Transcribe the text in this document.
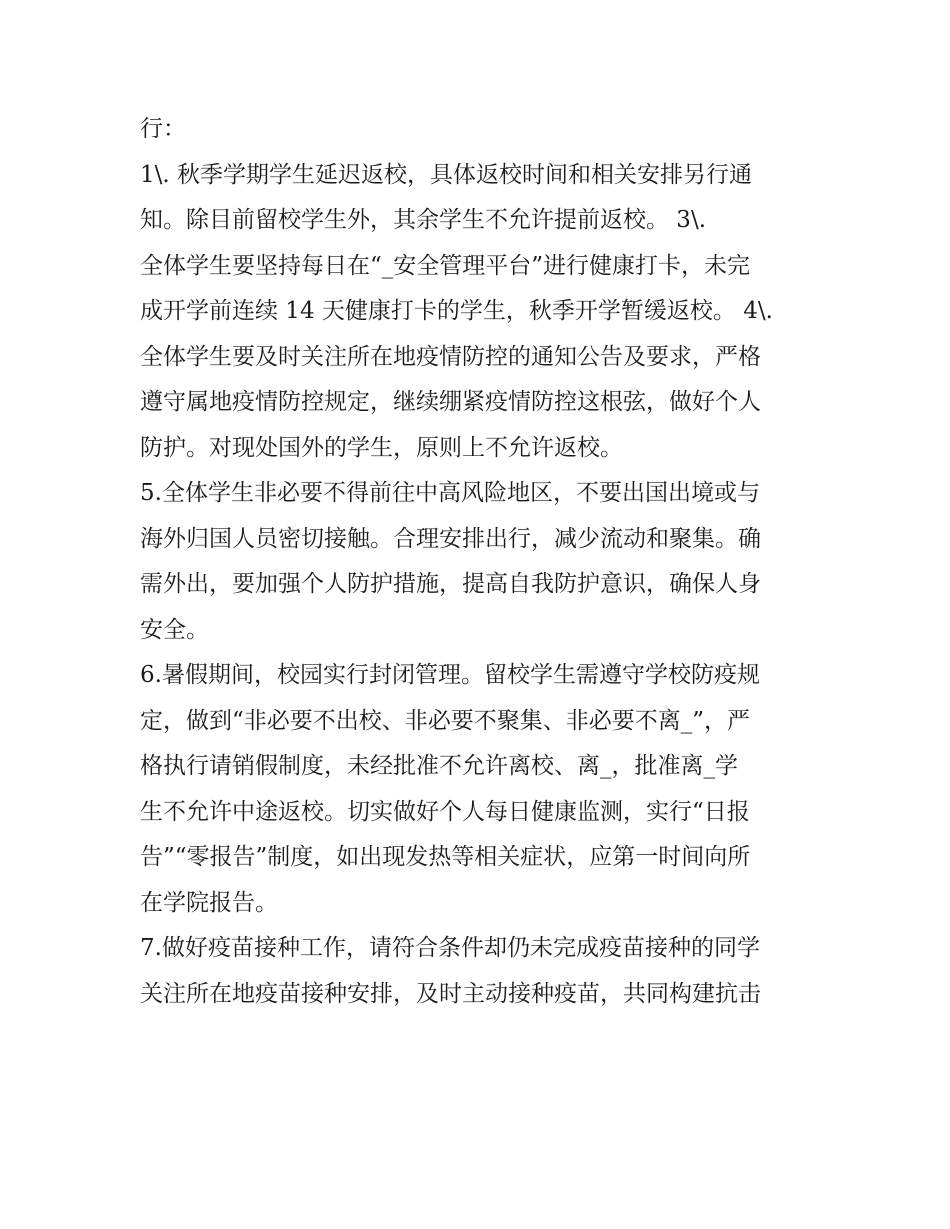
行：
1\. 秋季学期学生延迟返校，具体返校时间和相关安排另行通
知。除目前留校学生外，其余学生不允许提前返校。 3\.
全体学生要坚持每日在“_安全管理平台”进行健康打卡，未完
成开学前连续 14 天健康打卡的学生，秋季开学暂缓返校。 4\.
全体学生要及时关注所在地疫情防控的通知公告及要求，严格
遵守属地疫情防控规定，继续绷紧疫情防控这根弦，做好个人
防护。对现处国外的学生，原则上不允许返校。
5.全体学生非必要不得前往中高风险地区，不要出国出境或与
海外归国人员密切接触。合理安排出行，减少流动和聚集。确
需外出，要加强个人防护措施，提高自我防护意识，确保人身
安全。
6.暑假期间，校园实行封闭管理。留校学生需遵守学校防疫规
定，做到“非必要不出校、非必要不聚集、非必要不离_”，严
格执行请销假制度，未经批准不允许离校、离_，批准离_学
生不允许中途返校。切实做好个人每日健康监测，实行“日报
告”“零报告”制度，如出现发热等相关症状，应第一时间向所
在学院报告。
7.做好疫苗接种工作，请符合条件却仍未完成疫苗接种的同学
关注所在地疫苗接种安排，及时主动接种疫苗，共同构建抗击
